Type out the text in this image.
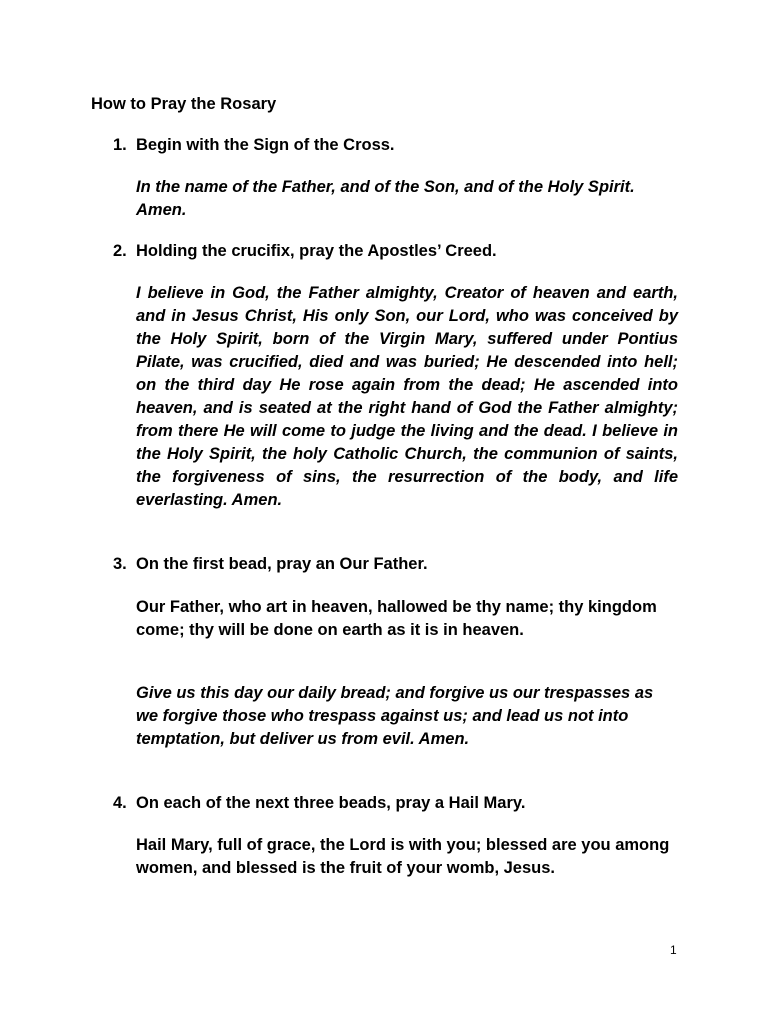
How to Pray the Rosary
1. Begin with the Sign of the Cross.

In the name of the Father, and of the Son, and of the Holy Spirit. Amen.

2. Holding the crucifix, pray the Apostles’ Creed.

I believe in God, the Father almighty, Creator of heaven and earth, and in Jesus Christ, His only Son, our Lord, who was conceived by the Holy Spirit, born of the Virgin Mary, suffered under Pontius Pilate, was crucified, died and was buried; He descended into hell; on the third day He rose again from the dead; He ascended into heaven, and is seated at the right hand of God the Father almighty; from there He will come to judge the living and the dead. I believe in the Holy Spirit, the holy Catholic Church, the communion of saints, the forgiveness of sins, the resurrection of the body, and life everlasting. Amen.

3. On the first bead, pray an Our Father.

Our Father, who art in heaven, hallowed be thy name; thy kingdom come; thy will be done on earth as it is in heaven.

Give us this day our daily bread; and forgive us our trespasses as we forgive those who trespass against us; and lead us not into temptation, but deliver us from evil. Amen.

4. On each of the next three beads, pray a Hail Mary.

Hail Mary, full of grace, the Lord is with you; blessed are you among women, and blessed is the fruit of your womb, Jesus.

1
